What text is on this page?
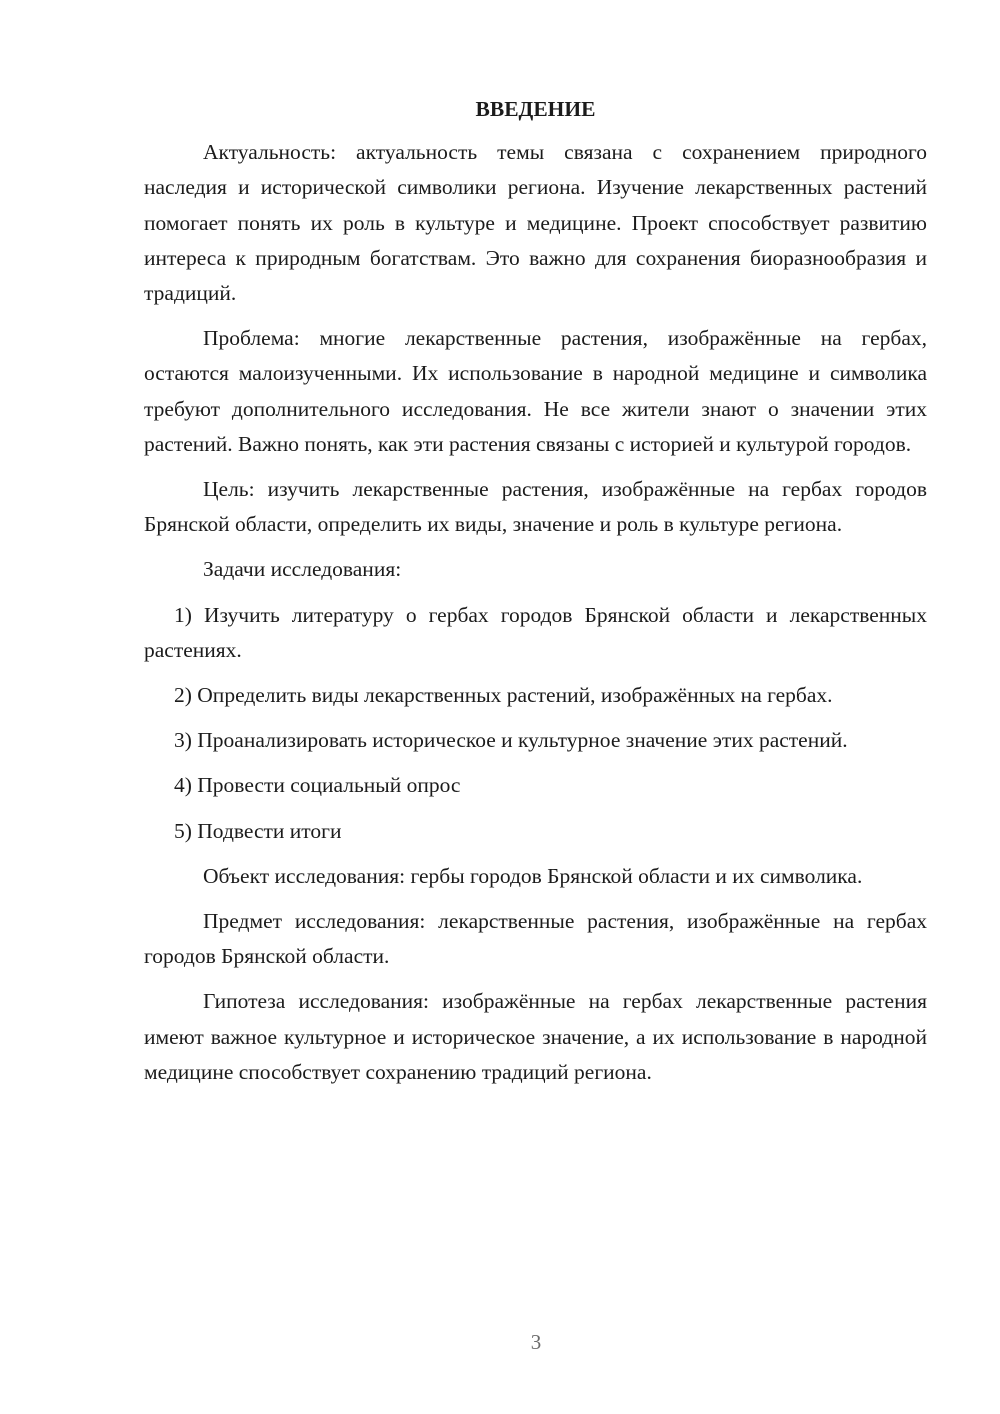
ВВЕДЕНИЕ

Актуальность: актуальность темы связана с сохранением природного наследия и исторической символики региона. Изучение лекарственных растений помогает понять их роль в культуре и медицине. Проект способствует развитию интереса к природным богатствам. Это важно для сохранения биоразнообразия и традиций.

Проблема: многие лекарственные растения, изображённые на гербах, остаются малоизученными. Их использование в народной медицине и символика требуют дополнительного исследования. Не все жители знают о значении этих растений. Важно понять, как эти растения связаны с историей и культурой городов.

Цель: изучить лекарственные растения, изображённые на гербах городов Брянской области, определить их виды, значение и роль в культуре региона.

Задачи исследования:

1) Изучить литературу о гербах городов Брянской области и лекарственных растениях.

2) Определить виды лекарственных растений, изображённых на гербах.

3) Проанализировать историческое и культурное значение этих растений.

4) Провести социальный опрос

5) Подвести итоги

Объект исследования: гербы городов Брянской области и их символика.

Предмет исследования: лекарственные растения, изображённые на гербах городов Брянской области.

Гипотеза исследования: изображённые на гербах лекарственные растения имеют важное культурное и историческое значение, а их использование в народной медицине способствует сохранению традиций региона.

3
